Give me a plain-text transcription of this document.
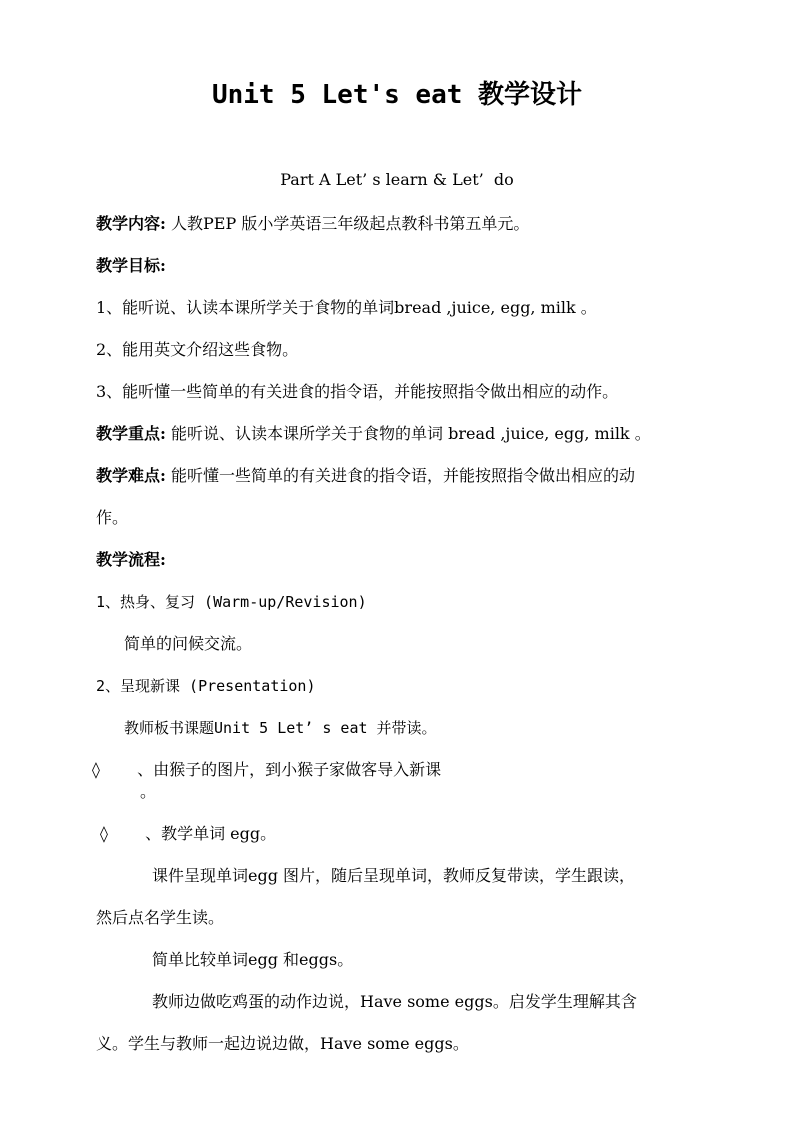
Unit 5 Let's eat 教学设计
Part A Let’ s learn & Let’  do
教学内容: 人教PEP 版小学英语三年级起点教科书第五单元。
教学目标:
1、能听说、认读本课所学关于食物的单词bread ,juice, egg, milk 。
2、能用英文介绍这些食物。
3、能听懂一些简单的有关进食的指令语，并能按照指令做出相应的动作。
教学重点: 能听说、认读本课所学关于食物的单词 bread ,juice, egg, milk 。
教学难点: 能听懂一些简单的有关进食的指令语，并能按照指令做出相应的动
作。
教学流程:
1、热身、复习 (Warm-up/Revision)
简单的问候交流。
2、呈现新课 (Presentation)
教师板书课题Unit 5 Let’ s eat 并带读。
◊ 、由猴子的图片，到小猴子家做客导入新课
。
◊ 、教学单词 egg。
课件呈现单词egg 图片，随后呈现单词，教师反复带读，学生跟读，
然后点名学生读。
简单比较单词egg 和eggs。
教师边做吃鸡蛋的动作边说，Have some eggs。启发学生理解其含
义。学生与教师一起边说边做，Have some eggs。
